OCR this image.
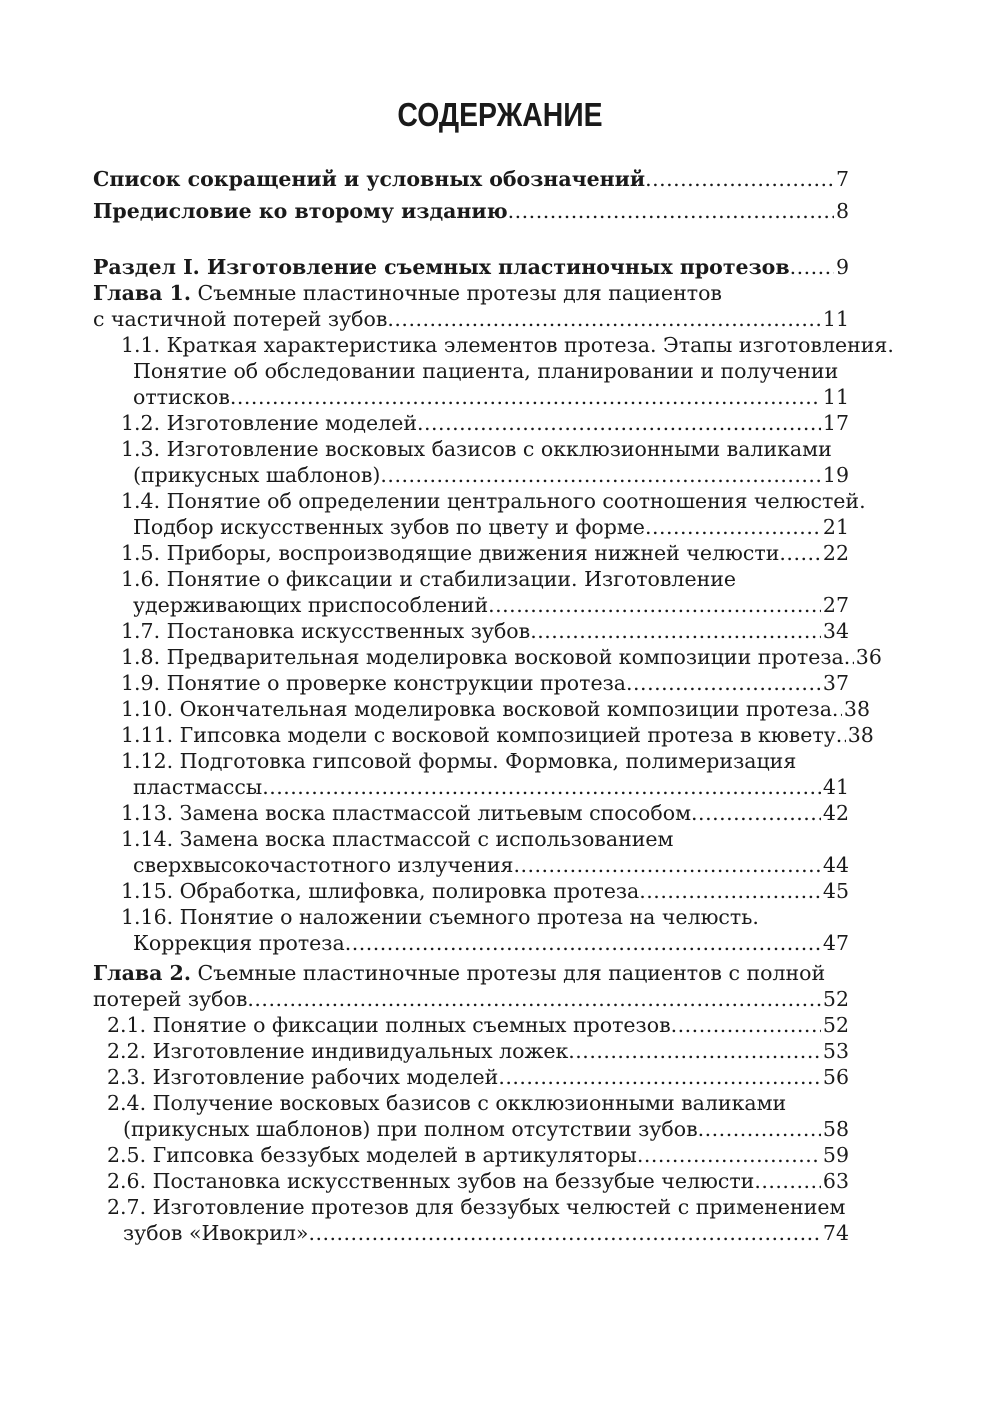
СОДЕРЖАНИЕ
Список сокращений и условных обозначений .....	7
Предисловие ко второму изданию .....	8
Раздел I. Изготовление съемных пластиночных протезов ..... 9
Глава 1. Съемные пластиночные протезы для пациентов
с частичной потерей зубов .....	11
1.1. Краткая характеристика элементов протеза. Этапы изготовления.
Понятие об обследовании пациента, планировании и получении
оттисков .....	11
1.2. Изготовление моделей .....	17
1.3. Изготовление восковых базисов с окклюзионными валиками
(прикусных шаблонов) .....	19
1.4. Понятие об определении центрального соотношения челюстей.
Подбор искусственных зубов по цвету и форме .....	21
1.5. Приборы, воспроизводящие движения нижней челюсти ..... 22
1.6. Понятие о фиксации и стабилизации. Изготовление
удерживающих приспособлений .....	27
1.7. Постановка искусственных зубов .....	34
1.8. Предварительная моделировка восковой композиции протеза ..... 36
1.9. Понятие о проверке конструкции протеза .....	37
1.10. Окончательная моделировка восковой композиции протеза ..... 38
1.11. Гипсовка модели с восковой композицией протеза в кювету ..... 38
1.12. Подготовка гипсовой формы. Формовка, полимеризация
пластмассы .....	41
1.13. Замена воска пластмассой литьевым способом .....	42
1.14. Замена воска пластмассой с использованием
сверхвысокочастотного излучения .....	44
1.15. Обработка, шлифовка, полировка протеза .....	45
1.16. Понятие о наложении съемного протеза на челюсть.
Коррекция протеза .....	47
Глава 2. Съемные пластиночные протезы для пациентов с полной
потерей зубов .....	52
2.1. Понятие о фиксации полных съемных протезов .....	52
2.2. Изготовление индивидуальных ложек .....	53
2.3. Изготовление рабочих моделей .....	56
2.4. Получение восковых базисов с окклюзионными валиками
(прикусных шаблонов) при полном отсутствии зубов .....	58
2.5. Гипсовка беззубых моделей в артикуляторы .....	59
2.6. Постановка искусственных зубов на беззубые челюсти .....	63
2.7. Изготовление протезов для беззубых челюстей с применением
зубов «Ивокрил» .....	74
